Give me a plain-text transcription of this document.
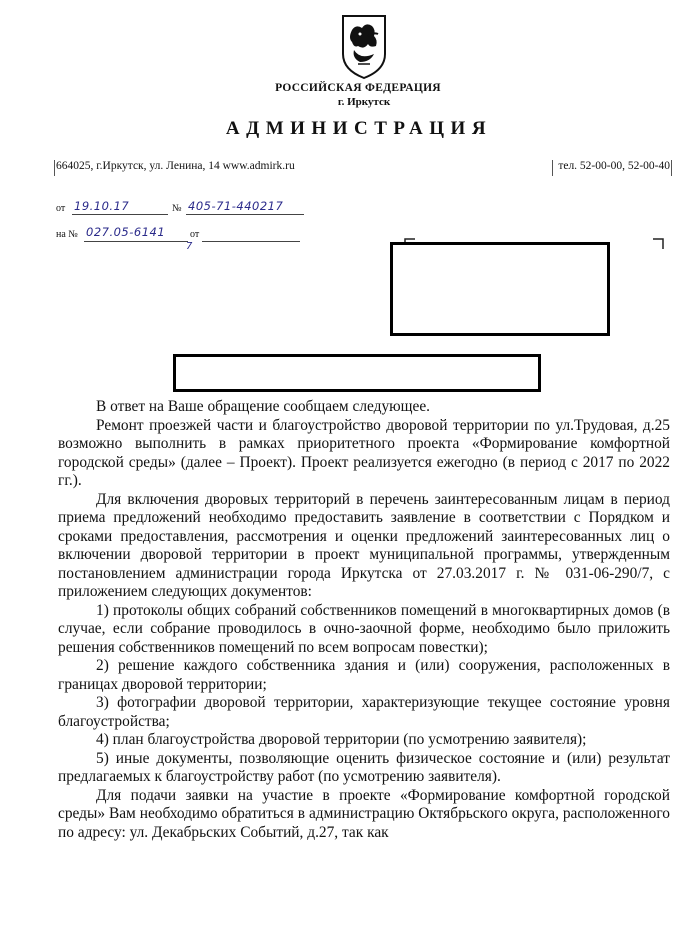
РОССИЙСКАЯ ФЕДЕРАЦИЯ
г. Иркутск
АДМИНИСТРАЦИЯ
664025, г.Иркутск, ул. Ленина, 14 www.admirk.ru	тел. 52-00-00, 52-00-40
от 19.10.17	№ 405-71-440217
на № 027.05-6141
7
от

В ответ на Ваше обращение сообщаем следующее.

Ремонт проезжей части и благоустройство дворовой территории по ул.Трудовая, д.25 возможно выполнить в рамках приоритетного проекта «Формирование комфортной городской среды» (далее – Проект). Проект реализуется ежегодно (в период с 2017 по 2022 гг.).

Для включения дворовых территорий в перечень заинтересованным лицам в период приема предложений необходимо предоставить заявление в соответствии с Порядком и сроками предоставления, рассмотрения и оценки предложений заинтересованных лиц о включении дворовой территории в проект муниципальной программы, утвержденным постановлением администрации города Иркутска от 27.03.2017 г. № 031-06-290/7, с приложением следующих документов:

1) протоколы общих собраний собственников помещений в многоквартирных домов (в случае, если собрание проводилось в очно-заочной форме, необходимо было приложить решения собственников помещений по всем вопросам повестки);

2) решение каждого собственника здания и (или) сооружения, расположенных в границах дворовой территории;

3) фотографии дворовой территории, характеризующие текущее состояние уровня благоустройства;

4) план благоустройства дворовой территории (по усмотрению заявителя);

5) иные документы, позволяющие оценить физическое состояние и (или) результат предлагаемых к благоустройству работ (по усмотрению заявителя).

Для подачи заявки на участие в проекте «Формирование комфортной городской среды» Вам необходимо обратиться в администрацию Октябрьского округа, расположенного по адресу: ул. Декабрьских Событий, д.27, так как
